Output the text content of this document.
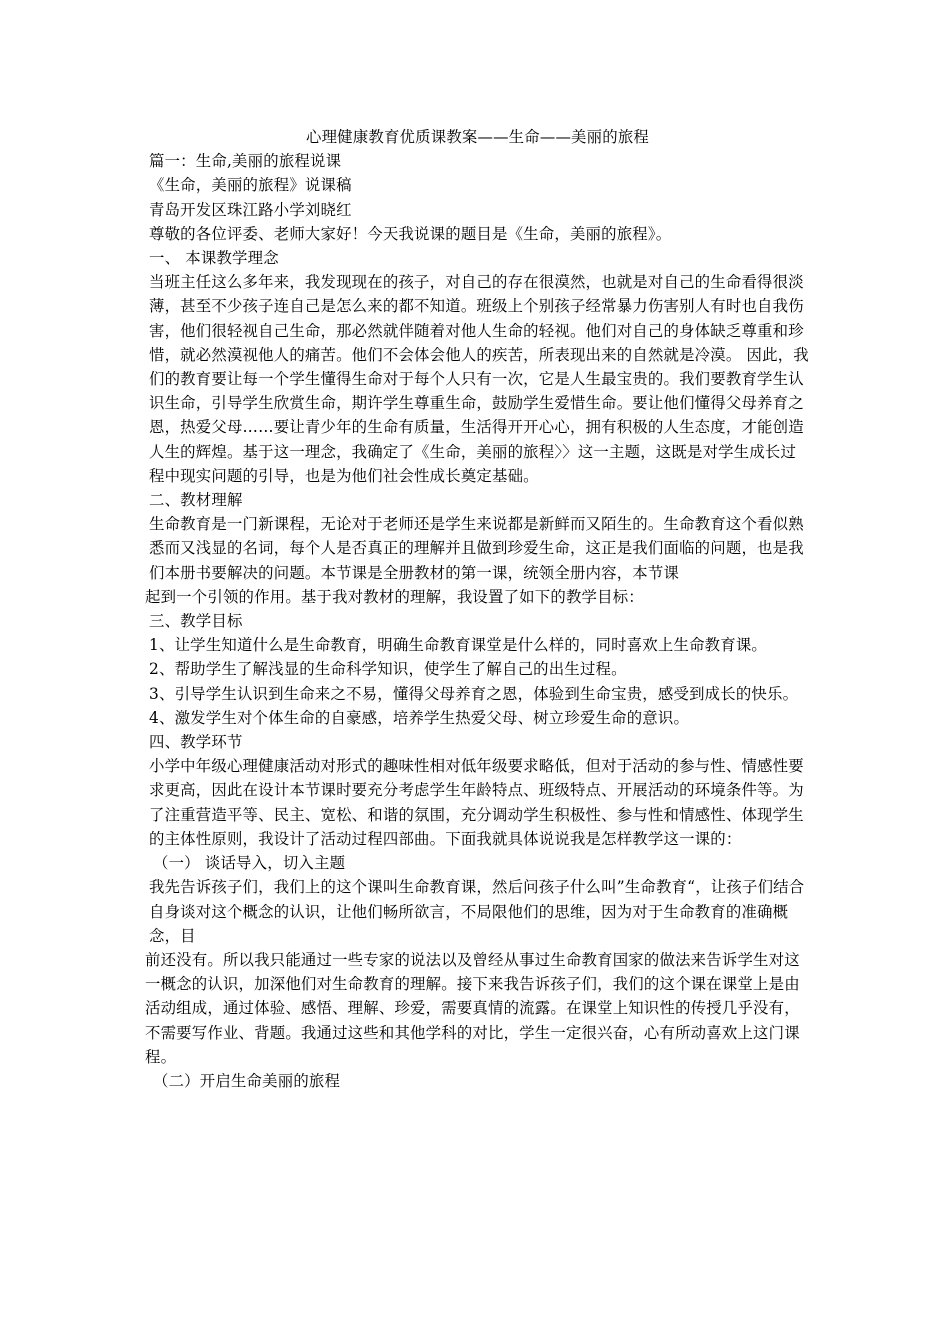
心理健康教育优质课教案——生命——美丽的旅程

篇一：生命,美丽的旅程说课

《生命，美丽的旅程》说课稿

青岛开发区珠江路小学刘晓红

尊敬的各位评委、老师大家好！今天我说课的题目是《生命，美丽的旅程》。

一、 本课教学理念

当班主任这么多年来，我发现现在的孩子，对自己的存在很漠然，也就是对自己的生命看得很淡薄，甚至不少孩子连自己是怎么来的都不知道。班级上个别孩子经常暴力伤害别人有时也自我伤害，他们很轻视自己生命，那必然就伴随着对他人生命的轻视。他们对自己的身体缺乏尊重和珍惜，就必然漠视他人的痛苦。他们不会体会他人的疾苦，所表现出来的自然就是冷漠。 因此，我们的教育要让每一个学生懂得生命对于每个人只有一次，它是人生最宝贵的。我们要教育学生认识生命，引导学生欣赏生命，期许学生尊重生命，鼓励学生爱惜生命。要让他们懂得父母养育之恩，热爱父母……要让青少年的生命有质量，生活得开开心心，拥有积极的人生态度，才能创造人生的辉煌。基于这一理念，我确定了《生命，美丽的旅程〉〉这一主题，这既是对学生成长过程中现实问题的引导，也是为他们社会性成长奠定基础。

二、教材理解

生命教育是一门新课程，无论对于老师还是学生来说都是新鲜而又陌生的。生命教育这个看似熟悉而又浅显的名词，每个人是否真正的理解并且做到珍爱生命，这正是我们面临的问题，也是我们本册书要解决的问题。本节课是全册教材的第一课，统领全册内容，本节课

起到一个引领的作用。基于我对教材的理解，我设置了如下的教学目标：

三、教学目标

1、让学生知道什么是生命教育，明确生命教育课堂是什么样的，同时喜欢上生命教育课。

2、帮助学生了解浅显的生命科学知识，使学生了解自己的出生过程。

3、引导学生认识到生命来之不易，懂得父母养育之恩，体验到生命宝贵，感受到成长的快乐。

4、激发学生对个体生命的自豪感，培养学生热爱父母、树立珍爱生命的意识。

四、教学环节

小学中年级心理健康活动对形式的趣味性相对低年级要求略低，但对于活动的参与性、情感性要求更高，因此在设计本节课时要充分考虑学生年龄特点、班级特点、开展活动的环境条件等。为了注重营造平等、民主、宽松、和谐的氛围，充分调动学生积极性、参与性和情感性、体现学生的主体性原则，我设计了活动过程四部曲。下面我就具体说说我是怎样教学这一课的：

（一） 谈话导入，切入主题

我先告诉孩子们，我们上的这个课叫生命教育课，然后问孩子什么叫”生命教育“，让孩子们结合自身谈对这个概念的认识，让他们畅所欲言，不局限他们的思维，因为对于生命教育的准确概念，目

前还没有。所以我只能通过一些专家的说法以及曾经从事过生命教育国家的做法来告诉学生对这一概念的认识，加深他们对生命教育的理解。接下来我告诉孩子们，我们的这个课在课堂上是由活动组成，通过体验、感悟、理解、珍爱，需要真情的流露。在课堂上知识性的传授几乎没有，不需要写作业、背题。我通过这些和其他学科的对比，学生一定很兴奋，心有所动喜欢上这门课程。

（二）开启生命美丽的旅程
